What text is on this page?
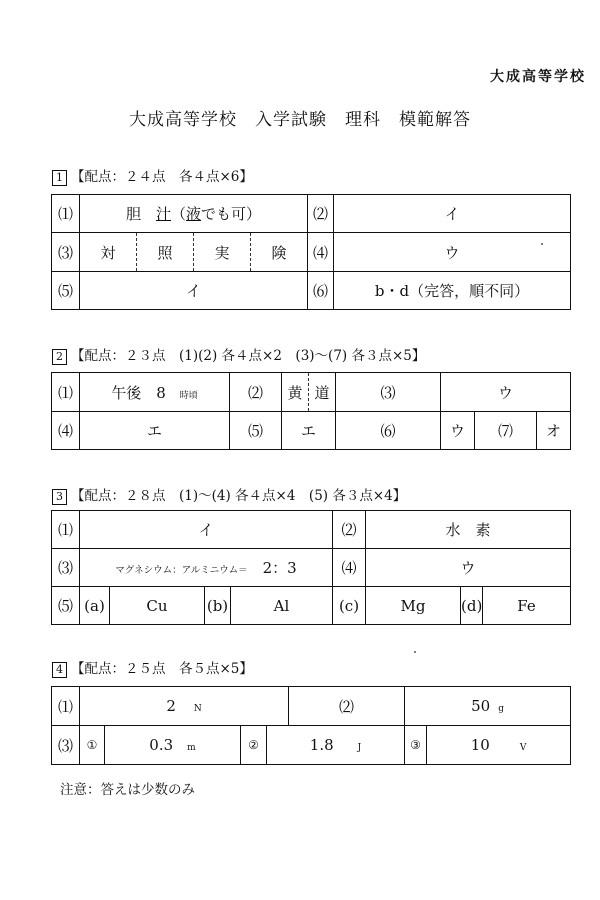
大成高等学校
大成高等学校　入学試験　理科　模範解答
1 【配点：２４点　各４点×6】
⑴	胆　 汁（液でも可）	⑵	イ
⑶	対 照 実 険	⑷	ウ
⑸	イ	⑹	b・d（完答，順不同）
2 【配点：２３点　(1)(2) 各４点×2　(3)〜(7) 各３点×5】
⑴	午後　8 時頃	⑵	黄 道	⑶	ウ		
⑷	エ	⑸	エ	⑹	ウ	⑺	オ
3 【配点：２８点　(1)〜(4) 各４点×4　(5) 各３点×4】
⑴	イ				⑵	水　素		
⑶	マグネシウム：アルミニウム＝　 2：3				⑷	ウ		
⑸	(a)	Cu	(b)	Al	(c)	Mg	(d)	Fe
4 【配点：２５点　各５点×5】
⑴	2 N				⑵	50 g	
⑶	①	0.3 m	②	1.8 J		③	10 V
注意：答えは少数のみ
